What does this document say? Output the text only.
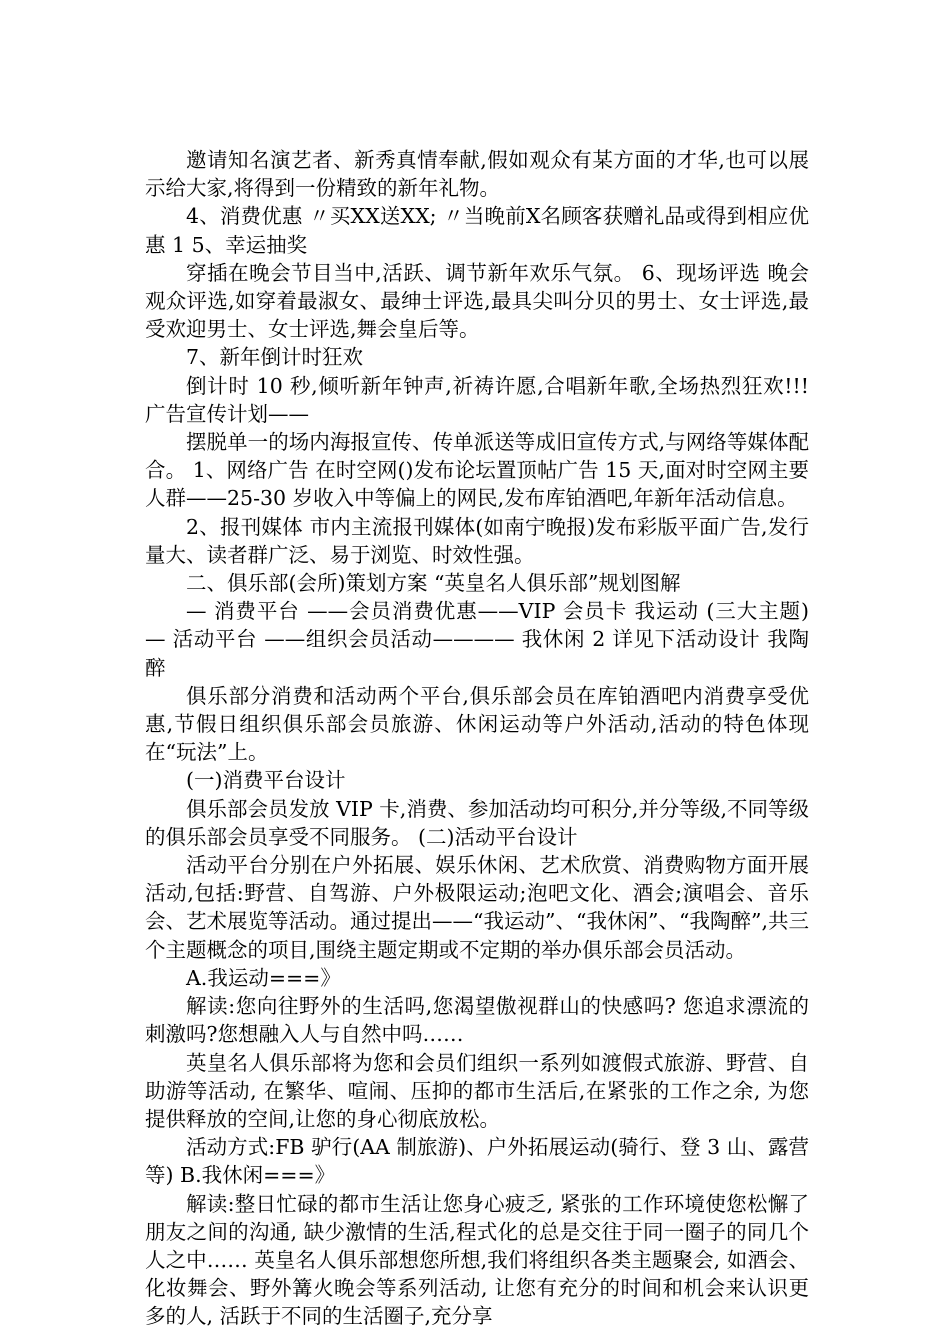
邀请知名演艺者、新秀真情奉献,假如观众有某方面的才华,也可以展示给大家,将得到一份精致的新年礼物。

4、消费优惠 〃买XX送XX; 〃当晚前X名顾客获赠礼品或得到相应优惠 1 5、幸运抽奖

穿插在晚会节目当中,活跃、调节新年欢乐气氛。 6、现场评选 晚会观众评选,如穿着最淑女、最绅士评选,最具尖叫分贝的男士、女士评选,最受欢迎男士、女士评选,舞会皇后等。

7、新年倒计时狂欢

倒计时 10 秒,倾听新年钟声,祈祷许愿,合唱新年歌,全场热烈狂欢!!! 广告宣传计划——

摆脱单一的场内海报宣传、传单派送等成旧宣传方式,与网络等媒体配合。 1、网络广告 在时空网()发布论坛置顶帖广告 15 天,面对时空网主要人群——25-30 岁收入中等偏上的网民,发布库铂酒吧,年新年活动信息。

2、报刊媒体 市内主流报刊媒体(如南宁晚报)发布彩版平面广告,发行量大、读者群广泛、易于浏览、时效性强。

二、俱乐部(会所)策划方案 “英皇名人俱乐部”规划图解

— 消费平台 ——会员消费优惠——VIP 会员卡 我运动 (三大主题) — 活动平台 ——组织会员活动———— 我休闲 2 详见下活动设计 我陶醉

俱乐部分消费和活动两个平台,俱乐部会员在库铂酒吧内消费享受优惠,节假日组织俱乐部会员旅游、休闲运动等户外活动,活动的特色体现在“玩法”上。

(一)消费平台设计

俱乐部会员发放 VIP 卡,消费、参加活动均可积分,并分等级,不同等级的俱乐部会员享受不同服务。 (二)活动平台设计

活动平台分别在户外拓展、娱乐休闲、艺术欣赏、消费购物方面开展活动,包括:野营、自驾游、户外极限运动;泡吧文化、酒会;演唱会、音乐会、艺术展览等活动。通过提出——“我运动”、“我休闲”、“我陶醉”,共三个主题概念的项目,围绕主题定期或不定期的举办俱乐部会员活动。

A.我运动===》

解读:您向往野外的生活吗,您渴望傲视群山的快感吗? 您追求漂流的刺激吗?您想融入人与自然中吗……

英皇名人俱乐部将为您和会员们组织一系列如渡假式旅游、野营、自助游等活动, 在繁华、喧闹、压抑的都市生活后,在紧张的工作之余, 为您提供释放的空间,让您的身心彻底放松。

活动方式:FB 驴行(AA 制旅游)、户外拓展运动(骑行、登 3 山、露营等) B.我休闲===》

解读:整日忙碌的都市生活让您身心疲乏, 紧张的工作环境使您松懈了朋友之间的沟通, 缺少激情的生活,程式化的总是交往于同一圈子的同几个人之中…… 英皇名人俱乐部想您所想,我们将组织各类主题聚会, 如酒会、化妆舞会、野外篝火晚会等系列活动, 让您有充分的时间和机会来认识更多的人, 活跃于不同的生活圈子,充分享
